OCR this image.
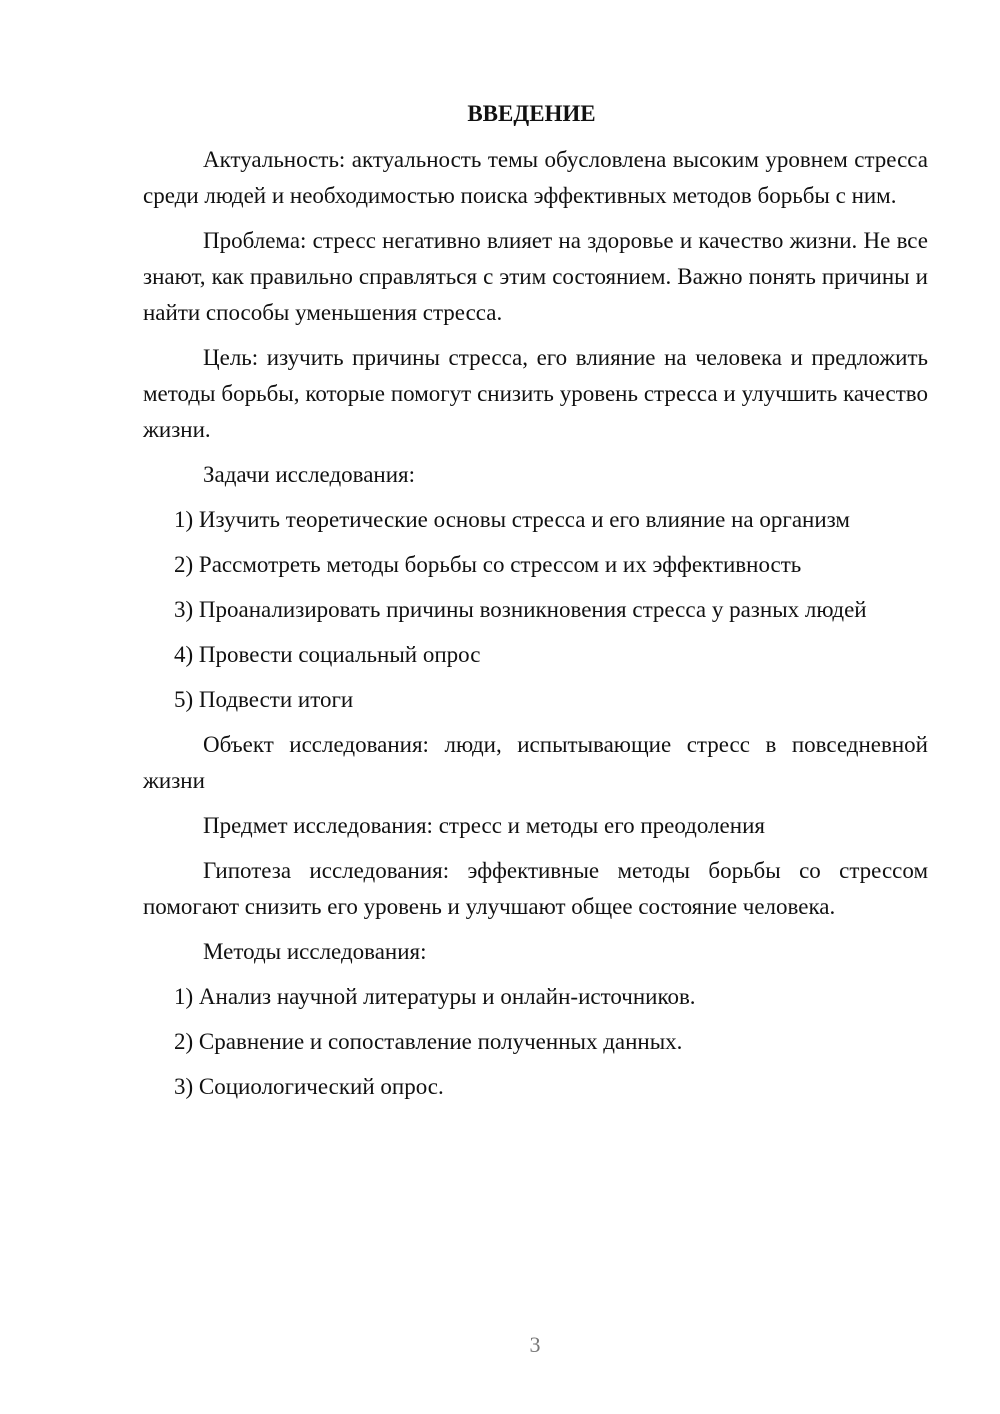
ВВЕДЕНИЕ

Актуальность: актуальность темы обусловлена высоким уровнем стресса среди людей и необходимостью поиска эффективных методов борьбы с ним.

Проблема: стресс негативно влияет на здоровье и качество жизни. Не все знают, как правильно справляться с этим состоянием. Важно понять причины и найти способы уменьшения стресса.

Цель: изучить причины стресса, его влияние на человека и предложить методы борьбы, которые помогут снизить уровень стресса и улучшить качество жизни.

Задачи исследования:

1) Изучить теоретические основы стресса и его влияние на организм
2) Рассмотреть методы борьбы со стрессом и их эффективность
3) Проанализировать причины возникновения стресса у разных людей
4) Провести социальный опрос
5) Подвести итоги

Объект исследования: люди, испытывающие стресс в повседневной жизни

Предмет исследования: стресс и методы его преодоления

Гипотеза исследования: эффективные методы борьбы со стрессом помогают снизить его уровень и улучшают общее состояние человека.

Методы исследования:

1) Анализ научной литературы и онлайн-источников.
2) Сравнение и сопоставление полученных данных.
3) Социологический опрос.
3
